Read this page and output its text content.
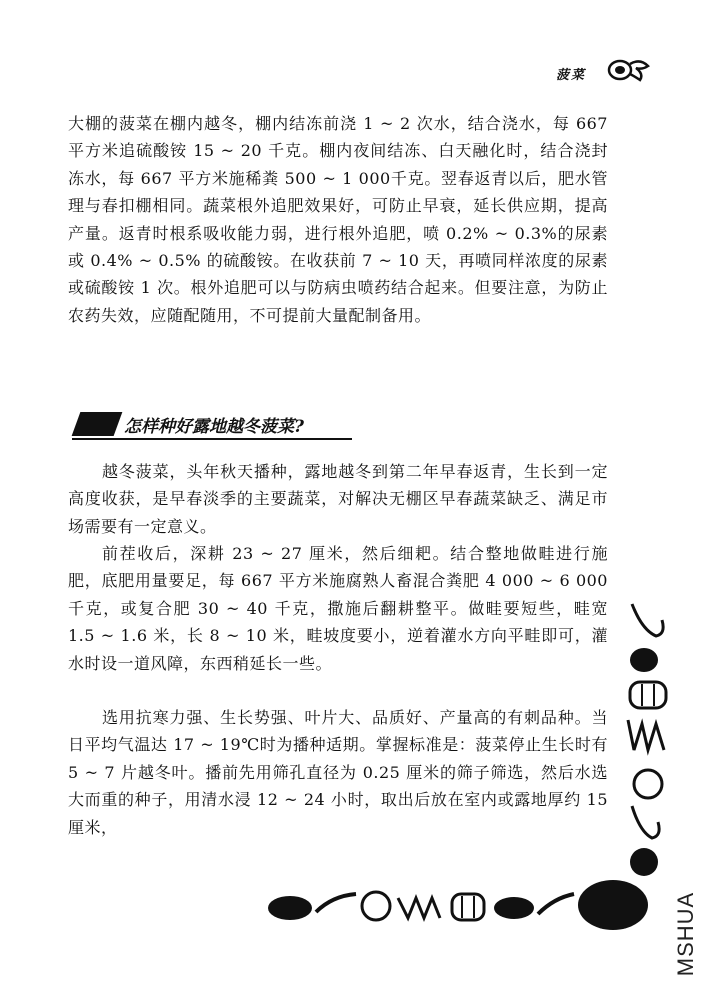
菠菜

大棚的菠菜在棚内越冬，棚内结冻前浇 1 ~ 2 次水，结合浇水，每 667 平方米追硫酸铵 15 ~ 20 千克。棚内夜间结冻、白天融化时，结合浇封冻水，每 667 平方米施稀粪 500 ~ 1 000千克。翌春返青以后，肥水管理与春扣棚相同。蔬菜根外追肥效果好，可防止早衰，延长供应期，提高产量。返青时根系吸收能力弱，进行根外追肥，喷 0.2% ~ 0.3%的尿素或 0.4% ~ 0.5% 的硫酸铵。在收获前 7 ~ 10 天，再喷同样浓度的尿素或硫酸铵 1 次。根外追肥可以与防病虫喷药结合起来。但要注意，为防止农药失效，应随配随用，不可提前大量配制备用。

怎样种好露地越冬菠菜?

越冬菠菜，头年秋天播种，露地越冬到第二年早春返青，生长到一定高度收获，是早春淡季的主要蔬菜，对解决无棚区早春蔬菜缺乏、满足市场需要有一定意义。

前茬收后，深耕 23 ~ 27 厘米，然后细耙。结合整地做畦进行施肥，底肥用量要足，每 667 平方米施腐熟人畜混合粪肥 4 000 ~ 6 000 千克，或复合肥 30 ~ 40 千克，撒施后翻耕整平。做畦要短些，畦宽 1.5 ~ 1.6 米，长 8 ~ 10 米，畦坡度要小，逆着灌水方向平畦即可，灌水时设一道风障，东西稍延长一些。

选用抗寒力强、生长势强、叶片大、品质好、产量高的有刺品种。当日平均气温达 17 ~ 19℃时为播种适期。掌握标准是：菠菜停止生长时有 5 ~ 7 片越冬叶。播前先用筛孔直径为 0.25 厘米的筛子筛选，然后水选大而重的种子，用清水浸 12 ~ 24 小时，取出后放在室内或露地厚约 15 厘米，

MSHUA
